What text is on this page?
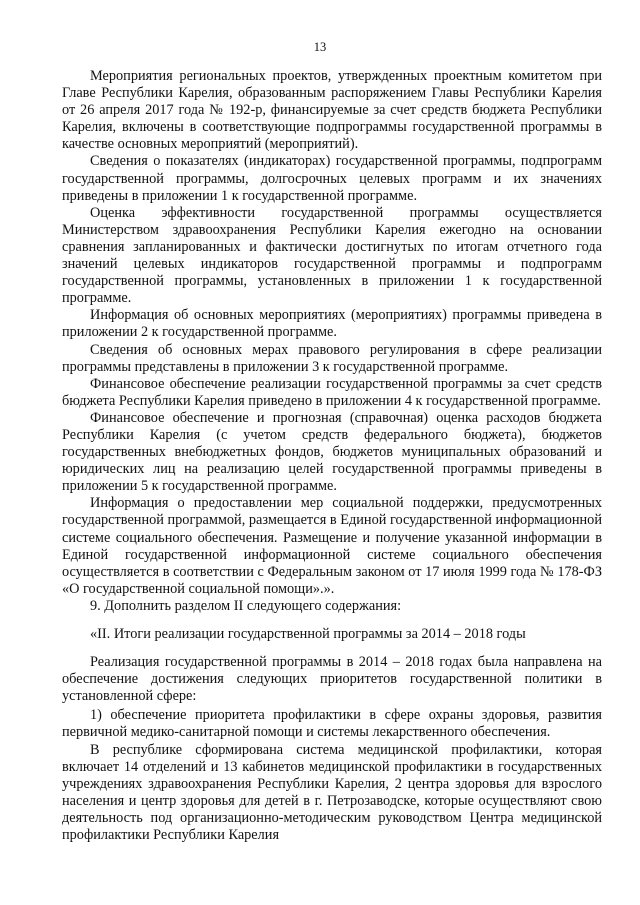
13

Мероприятия региональных проектов, утвержденных проектным комитетом при Главе Республики Карелия, образованным распоряжением Главы Республики Карелия от 26 апреля 2017 года № 192-р, финансируемые за счет средств бюджета Республики Карелия, включены в соответствующие подпрограммы государственной программы в качестве основных мероприятий (мероприятий).

Сведения о показателях (индикаторах) государственной программы, подпрограмм государственной программы, долгосрочных целевых программ и их значениях приведены в приложении 1 к государственной программе.

Оценка эффективности государственной программы осуществляется Министерством здравоохранения Республики Карелия ежегодно на основании сравнения запланированных и фактически достигнутых по итогам отчетного года значений целевых индикаторов государственной программы и подпрограмм государственной программы, установленных в приложении 1 к государственной программе.

Информация об основных мероприятиях (мероприятиях) программы приведена в приложении 2 к государственной программе.

Сведения об основных мерах правового регулирования в сфере реализации программы представлены в приложении 3 к государственной программе.

Финансовое обеспечение реализации государственной программы за счет средств бюджета Республики Карелия приведено в приложении 4 к государственной программе.

Финансовое обеспечение и прогнозная (справочная) оценка расходов бюджета Республики Карелия (с учетом средств федерального бюджета), бюджетов государственных внебюджетных фондов, бюджетов муниципальных образований и юридических лиц на реализацию целей государственной программы приведены в приложении 5 к государственной программе.

Информация о предоставлении мер социальной поддержки, предусмотренных государственной программой, размещается в Единой государственной информационной системе социального обеспечения. Размещение и получение указанной информации в Единой государственной информационной системе социального обеспечения осуществляется в соответствии с Федеральным законом от 17 июля 1999 года № 178-ФЗ «О государственной социальной помощи».».

9. Дополнить разделом II следующего содержания:

«II. Итоги реализации государственной программы за 2014 – 2018 годы

Реализация государственной программы в 2014 – 2018 годах была направлена на обеспечение достижения следующих приоритетов государственной политики в установленной сфере:

1) обеспечение приоритета профилактики в сфере охраны здоровья, развития первичной медико-санитарной помощи и системы лекарственного обеспечения.

В республике сформирована система медицинской профилактики, которая включает 14 отделений и 13 кабинетов медицинской профилактики в государственных учреждениях здравоохранения Республики Карелия, 2 центра здоровья для взрослого населения и центр здоровья для детей в г. Петрозаводске, которые осуществляют свою деятельность под организационно-методическим руководством Центра медицинской профилактики Республики Карелия
